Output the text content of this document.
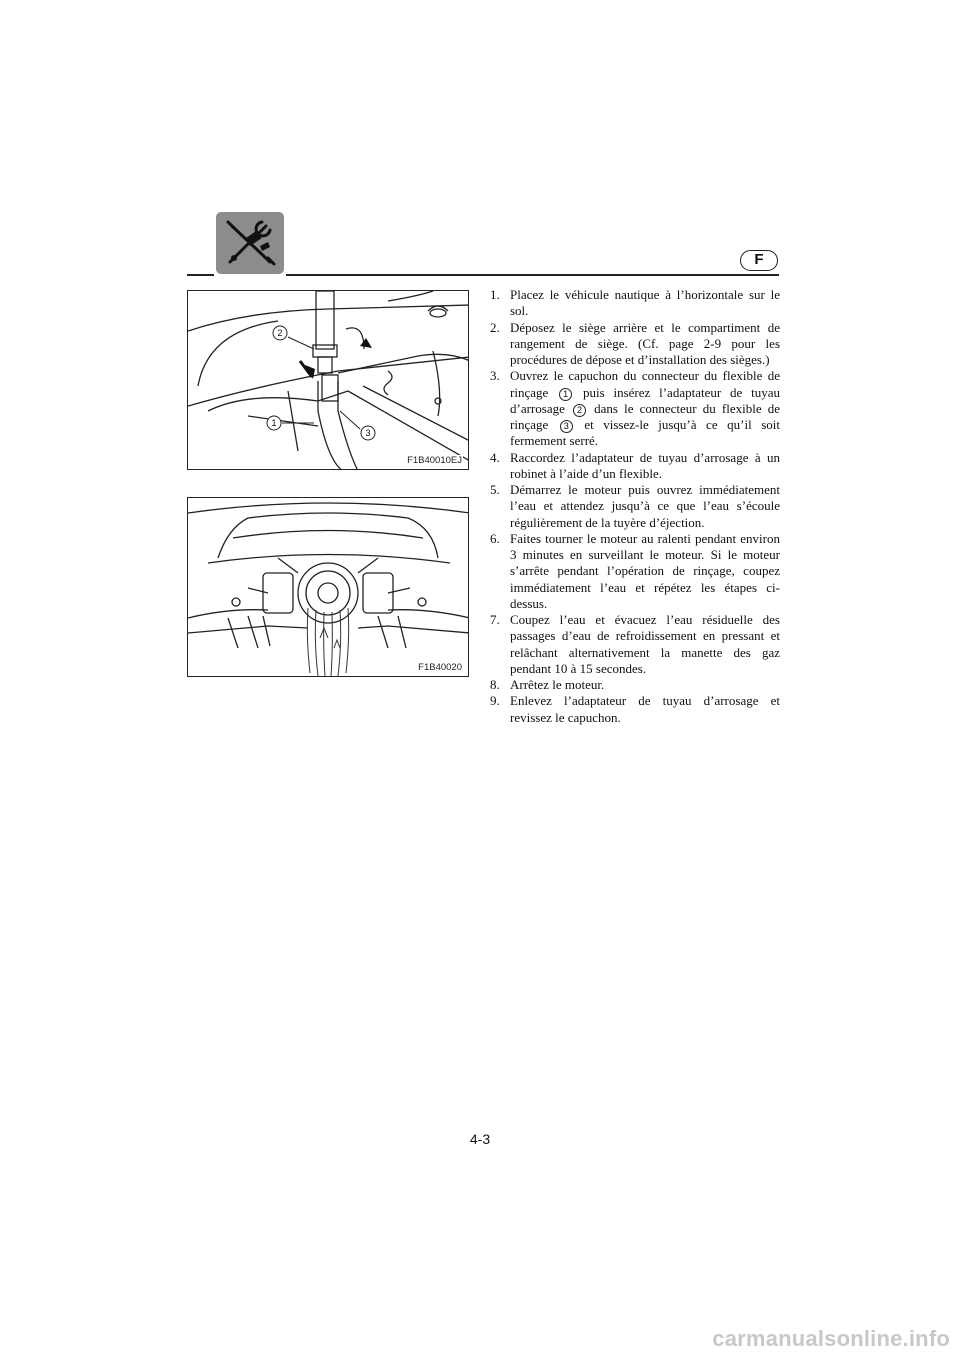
F
2
1
3
F1B40010EJ
F1B40020
1. Placez le véhicule nautique à l’horizontale sur le sol.
2. Déposez le siège arrière et le compartiment de rangement de siège. (Cf. page 2-9 pour les procédures de dépose et d’installation des sièges.)
3. Ouvrez le capuchon du connecteur du flexible de rinçage 1 puis insérez l’adaptateur de tuyau d’arrosage 2 dans le connecteur du flexible de rinçage 3 et vissez-le jusqu’à ce qu’il soit fermement serré.
4. Raccordez l’adaptateur de tuyau d’arrosage à un robinet à l’aide d’un flexible.
5. Démarrez le moteur puis ouvrez immédiatement l’eau et attendez jusqu’à ce que l’eau s’écoule régulièrement de la tuyère d’éjection.
6. Faites tourner le moteur au ralenti pendant environ 3 minutes en surveillant le moteur. Si le moteur s’arrête pendant l’opération de rinçage, coupez immédiatement l’eau et répétez les étapes ci-dessus.
7. Coupez l’eau et évacuez l’eau résiduelle des passages d’eau de refroidissement en pressant et relâchant alternativement la manette des gaz pendant 10 à 15 secondes.
8. Arrêtez le moteur.
9. Enlevez l’adaptateur de tuyau d’arrosage et revissez le capuchon.
4-3
carmanualsonline.info
